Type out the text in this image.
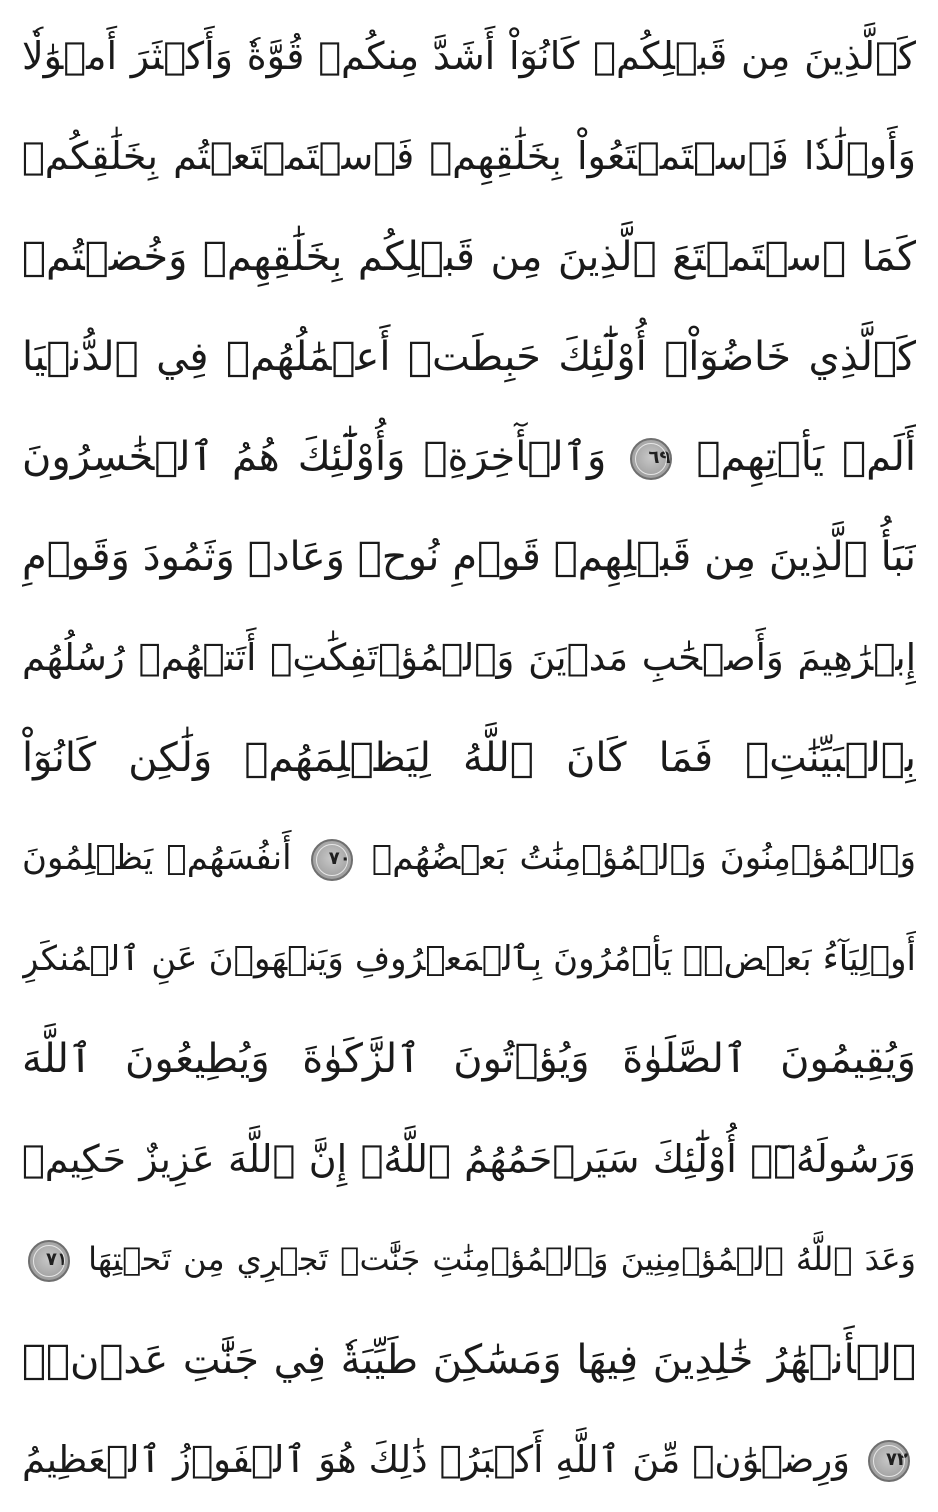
كَٱلَّذِينَ مِن قَبۡلِكُمۡ كَانُوٓاْ أَشَدَّ مِنكُمۡ قُوَّةٗ وَأَكۡثَرَ أَمۡوَٰلٗا
وَأَوۡلَٰدٗا فَٱسۡتَمۡتَعُواْ بِخَلَٰقِهِمۡ فَٱسۡتَمۡتَعۡتُم بِخَلَٰقِكُمۡ
كَمَا ٱسۡتَمۡتَعَ ٱلَّذِينَ مِن قَبۡلِكُم بِخَلَٰقِهِمۡ وَخُضۡتُمۡ
كَٱلَّذِي خَاضُوٓاْۚ أُوْلَٰٓئِكَ حَبِطَتۡ أَعۡمَٰلُهُمۡ فِي ٱلدُّنۡيَا
وَٱلۡأٓخِرَةِۖ وَأُوْلَٰٓئِكَ هُمُ ٱلۡخَٰسِرُونَ ٦٩ أَلَمۡ يَأۡتِهِمۡ
نَبَأُ ٱلَّذِينَ مِن قَبۡلِهِمۡ قَوۡمِ نُوحٖ وَعَادٖ وَثَمُودَ وَقَوۡمِ
إِبۡرَٰهِيمَ وَأَصۡحَٰبِ مَدۡيَنَ وَٱلۡمُؤۡتَفِكَٰتِۚ أَتَتۡهُمۡ رُسُلُهُم
بِٱلۡبَيِّنَٰتِۖ فَمَا كَانَ ٱللَّهُ لِيَظۡلِمَهُمۡ وَلَٰكِن كَانُوٓاْ
أَنفُسَهُمۡ يَظۡلِمُونَ ٧٠ وَٱلۡمُؤۡمِنُونَ وَٱلۡمُؤۡمِنَٰتُ بَعۡضُهُمۡ
أَوۡلِيَآءُ بَعۡضٖۚ يَأۡمُرُونَ بِٱلۡمَعۡرُوفِ وَيَنۡهَوۡنَ عَنِ ٱلۡمُنكَرِ
وَيُقِيمُونَ ٱلصَّلَوٰةَ وَيُؤۡتُونَ ٱلزَّكَوٰةَ وَيُطِيعُونَ ٱللَّهَ
وَرَسُولَهُۥٓۚ أُوْلَٰٓئِكَ سَيَرۡحَمُهُمُ ٱللَّهُۗ إِنَّ ٱللَّهَ عَزِيزٌ حَكِيمٞ
٧١ وَعَدَ ٱللَّهُ ٱلۡمُؤۡمِنِينَ وَٱلۡمُؤۡمِنَٰتِ جَنَّٰتٖ تَجۡرِي مِن تَحۡتِهَا
ٱلۡأَنۡهَٰرُ خَٰلِدِينَ فِيهَا وَمَسَٰكِنَ طَيِّبَةٗ فِي جَنَّٰتِ عَدۡنٖۚ
وَرِضۡوَٰنٞ مِّنَ ٱللَّهِ أَكۡبَرُۚ ذَٰلِكَ هُوَ ٱلۡفَوۡزُ ٱلۡعَظِيمُ ٧٢
